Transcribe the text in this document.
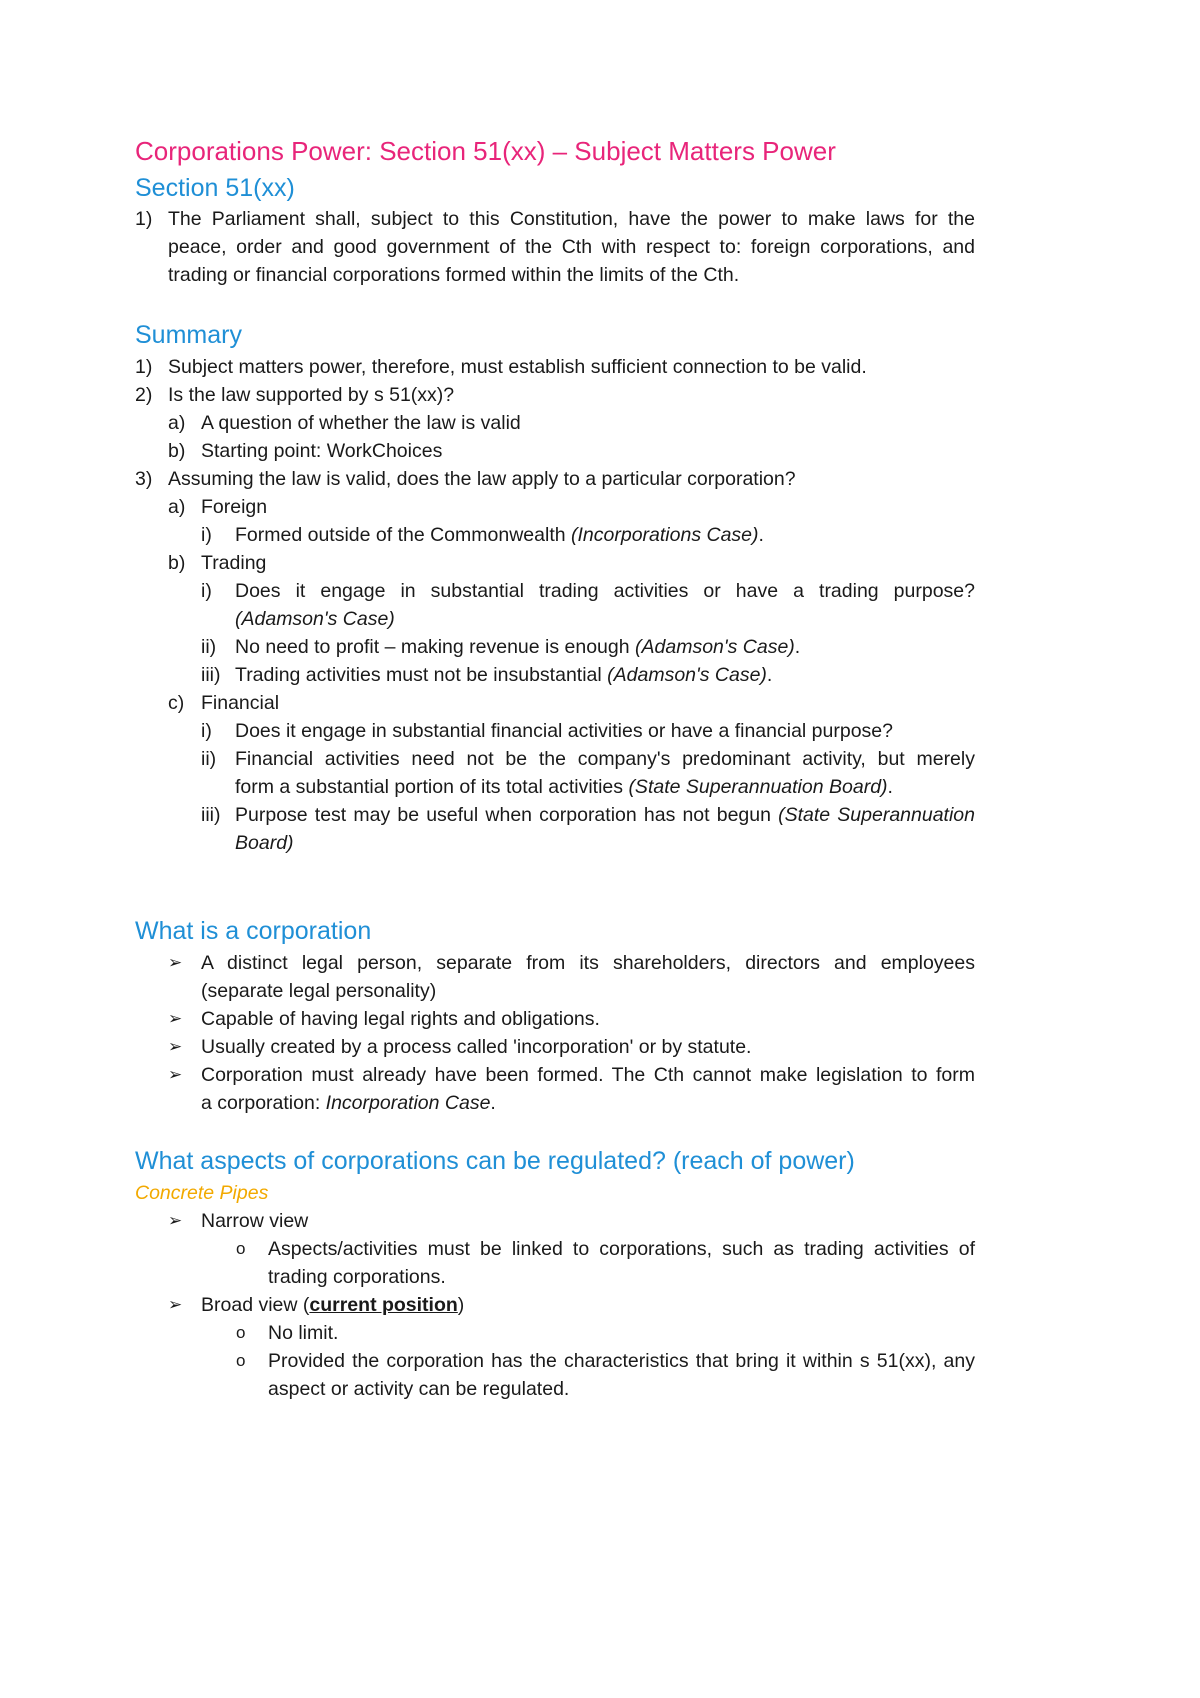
Corporations Power: Section 51(xx) – Subject Matters Power
Section 51(xx)
1) The Parliament shall, subject to this Constitution, have the power to make laws for the
peace, order and good government of the Cth with respect to: foreign corporations, and
trading or financial corporations formed within the limits of the Cth.
Summary
1) Subject matters power, therefore, must establish sufficient connection to be valid.
2) Is the law supported by s 51(xx)?
a) A question of whether the law is valid
b) Starting point: WorkChoices
3) Assuming the law is valid, does the law apply to a particular corporation?
a) Foreign
i) Formed outside of the Commonwealth (Incorporations Case).
b) Trading
i) Does it engage in substantial trading activities or have a trading purpose?
(Adamson's Case)
ii) No need to profit – making revenue is enough (Adamson's Case).
iii) Trading activities must not be insubstantial (Adamson's Case).
c) Financial
i) Does it engage in substantial financial activities or have a financial purpose?
ii) Financial activities need not be the company's predominant activity, but merely
form a substantial portion of its total activities (State Superannuation Board).
iii) Purpose test may be useful when corporation has not begun (State Superannuation
Board)
What is a corporation
➢ A distinct legal person, separate from its shareholders, directors and employees
(separate legal personality)
➢ Capable of having legal rights and obligations.
➢ Usually created by a process called 'incorporation' or by statute.
➢ Corporation must already have been formed. The Cth cannot make legislation to form
a corporation: Incorporation Case.
What aspects of corporations can be regulated? (reach of power)
Concrete Pipes
➢ Narrow view
o Aspects/activities must be linked to corporations, such as trading activities of
trading corporations.
➢ Broad view (current position)
o No limit.
o Provided the corporation has the characteristics that bring it within s 51(xx), any
aspect or activity can be regulated.
